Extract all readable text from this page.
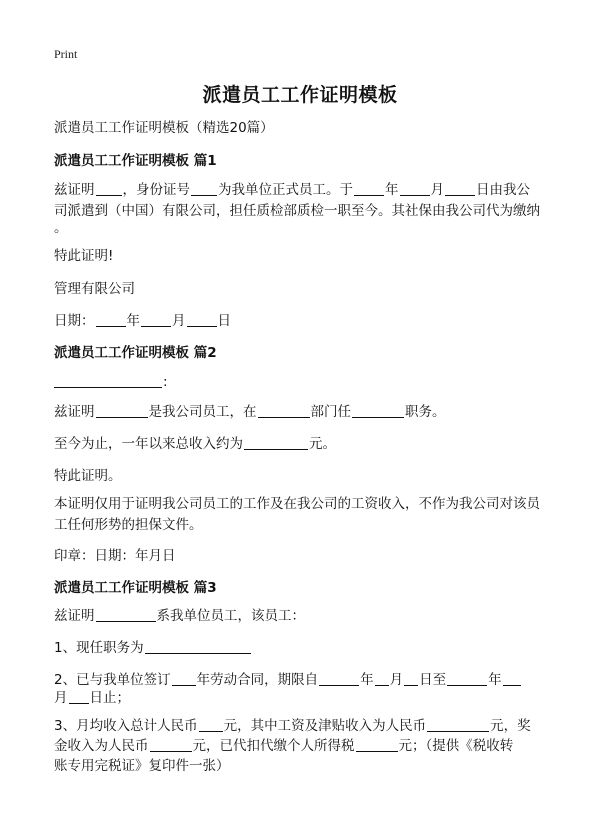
Print
派遣员工工作证明模板
派遣员工工作证明模板（精选20篇）
派遣员工工作证明模板 篇1
兹证明 ，身份证号 为我单位正式员工。于 年 月 日由我公
司派遣到（中国）有限公司，担任质检部质检一职至今。其社保由我公司代为缴纳
。
特此证明!
管理有限公司
日期： 年 月 日
派遣员工工作证明模板 篇2
:
兹证明	是我公司员工，在	部门任	职务。
至今为止，一年以来总收入约为	元。
特此证明。
本证明仅用于证明我公司员工的工作及在我公司的工资收入，不作为我公司对该员工任何形势的担保文件。
印章：日期：年月日
派遣员工工作证明模板 篇3
兹证明	系我单位员工，该员工：
1、现任职务为
2、已与我单位签订 年劳动合同，期限自	年 月 日至	年
月 日止；
3、月均收入总计人民币 元，其中工资及津贴收入为人民币	元，奖
金收入为人民币	元，已代扣代缴个人所得税	元；（提供《税收转
账专用完税证》复印件一张）
